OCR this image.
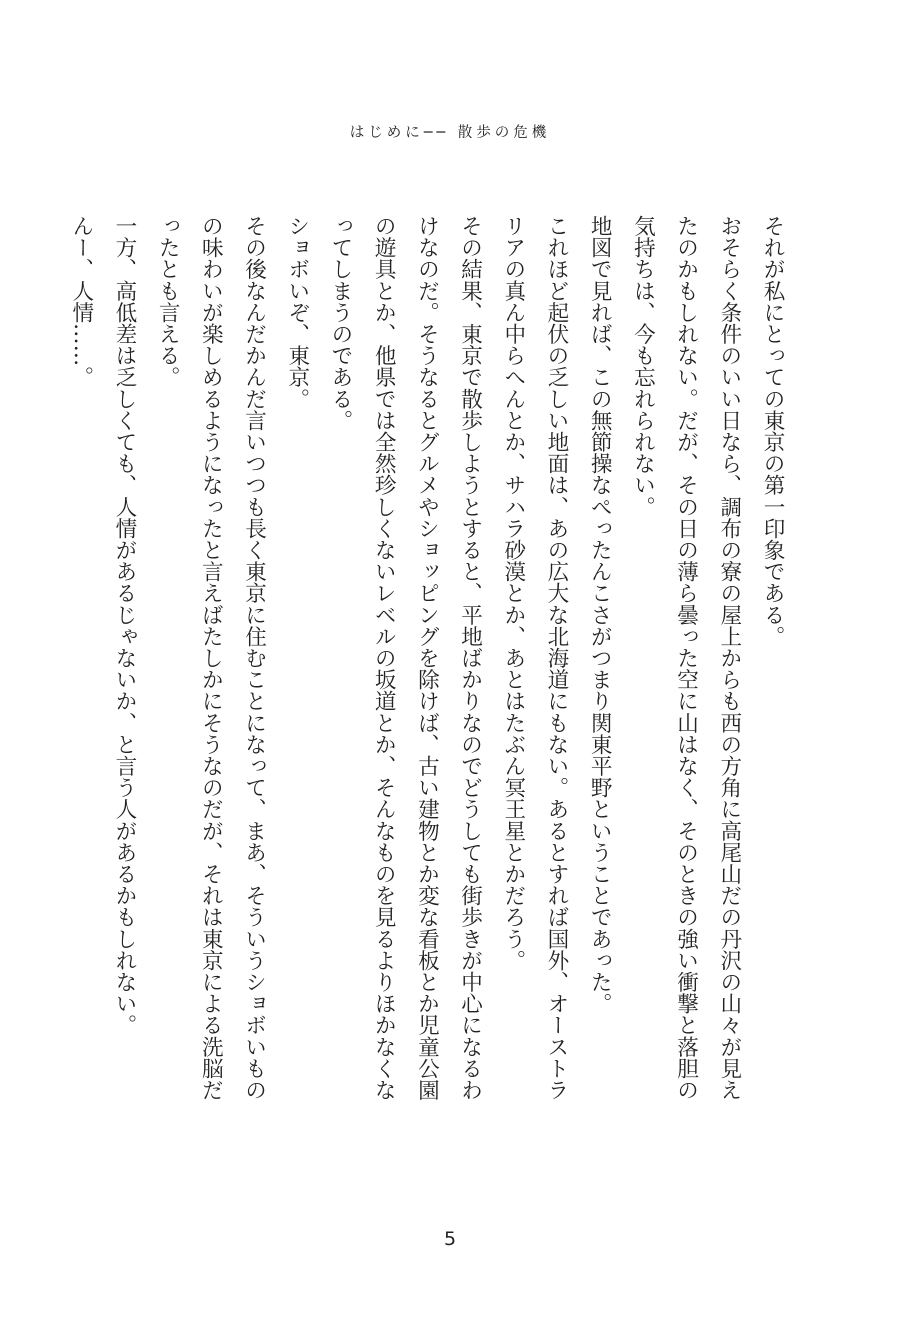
はじめに── 散歩の危機

それが私にとっての東京の第一印象である。

おそらく条件のいい日なら、調布の寮の屋上からも西の方角に高尾山だの丹沢の山々が見えたのかもしれない。だが、その日の薄ら曇った空に山はなく、そのときの強い衝撃と落胆の気持ちは、今も忘れられない。

地図で見れば、この無節操なぺったんこさがつまり関東平野ということであった。

これほど起伏の乏しい地面は、あの広大な北海道にもない。あるとすれば国外、オーストラリアの真ん中らへんとか、サハラ砂漠とか、あとはたぶん冥王星とかだろう。

その結果、東京で散歩しようとすると、平地ばかりなのでどうしても街歩きが中心になるわけなのだ。そうなるとグルメやショッピングを除けば、古い建物とか変な看板とか児童公園の遊具とか、他県では全然珍しくないレベルの坂道とか、そんなものを見るよりほかなくなってしまうのである。

ショボいぞ、東京。

その後なんだかんだ言いつつも長く東京に住むことになって、まあ、そういうショボいものの味わいが楽しめるようになったと言えばたしかにそうなのだが、それは東京による洗脳だったとも言える。

一方、高低差は乏しくても、人情があるじゃないか、と言う人があるかもしれない。

んー、人情……。

5
